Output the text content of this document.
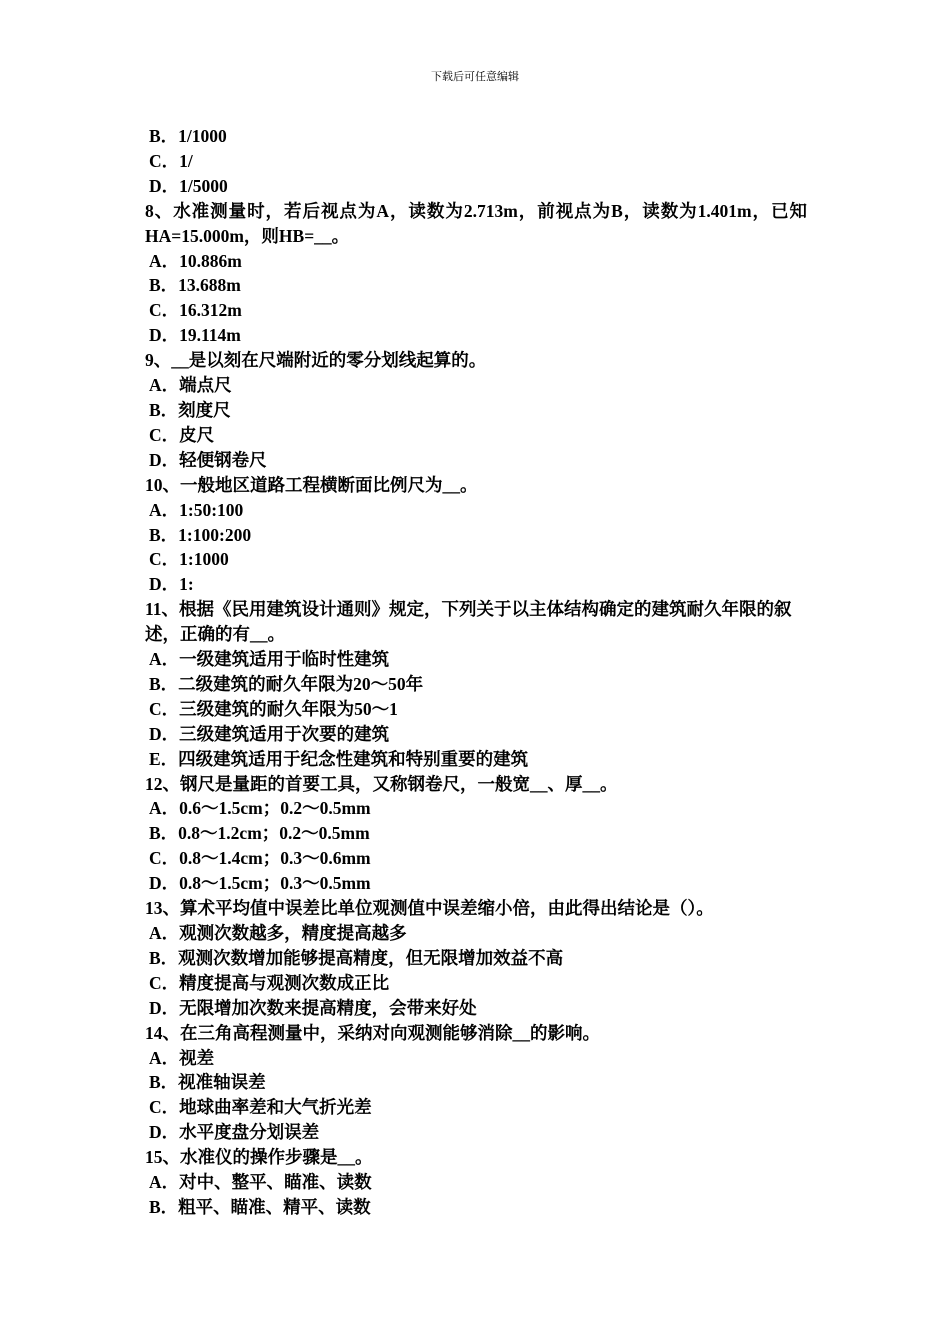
下载后可任意编辑
B．1/1000
C．1/
D．1/5000
8、水准测量时，若后视点为A，读数为2.713m，前视点为B，读数为1.401m，已知HA=15.000m，则HB=__。
A．10.886m
B．13.688m
C．16.312m
D．19.114m
9、__是以刻在尺端附近的零分划线起算的。
A．端点尺
B．刻度尺
C．皮尺
D．轻便钢卷尺
10、一般地区道路工程横断面比例尺为__。
A．1:50:100
B．1:100:200
C．1:1000
D．1:
11、根据《民用建筑设计通则》规定，下列关于以主体结构确定的建筑耐久年限的叙述，正确的有__。
A．一级建筑适用于临时性建筑
B．二级建筑的耐久年限为20～50年
C．三级建筑的耐久年限为50～1
D．三级建筑适用于次要的建筑
E．四级建筑适用于纪念性建筑和特别重要的建筑
12、钢尺是量距的首要工具，又称钢卷尺，一般宽__、厚__。
A．0.6～1.5cm；0.2～0.5mm
B．0.8～1.2cm；0.2～0.5mm
C．0.8～1.4cm；0.3～0.6mm
D．0.8～1.5cm；0.3～0.5mm
13、算术平均值中误差比单位观测值中误差缩小倍，由此得出结论是（）。
A．观测次数越多，精度提高越多
B．观测次数增加能够提高精度，但无限增加效益不高
C．精度提高与观测次数成正比
D．无限增加次数来提高精度，会带来好处
14、在三角高程测量中，采纳对向观测能够消除__的影响。
A．视差
B．视准轴误差
C．地球曲率差和大气折光差
D．水平度盘分划误差
15、水准仪的操作步骤是__。
A．对中、整平、瞄准、读数
B．粗平、瞄准、精平、读数
